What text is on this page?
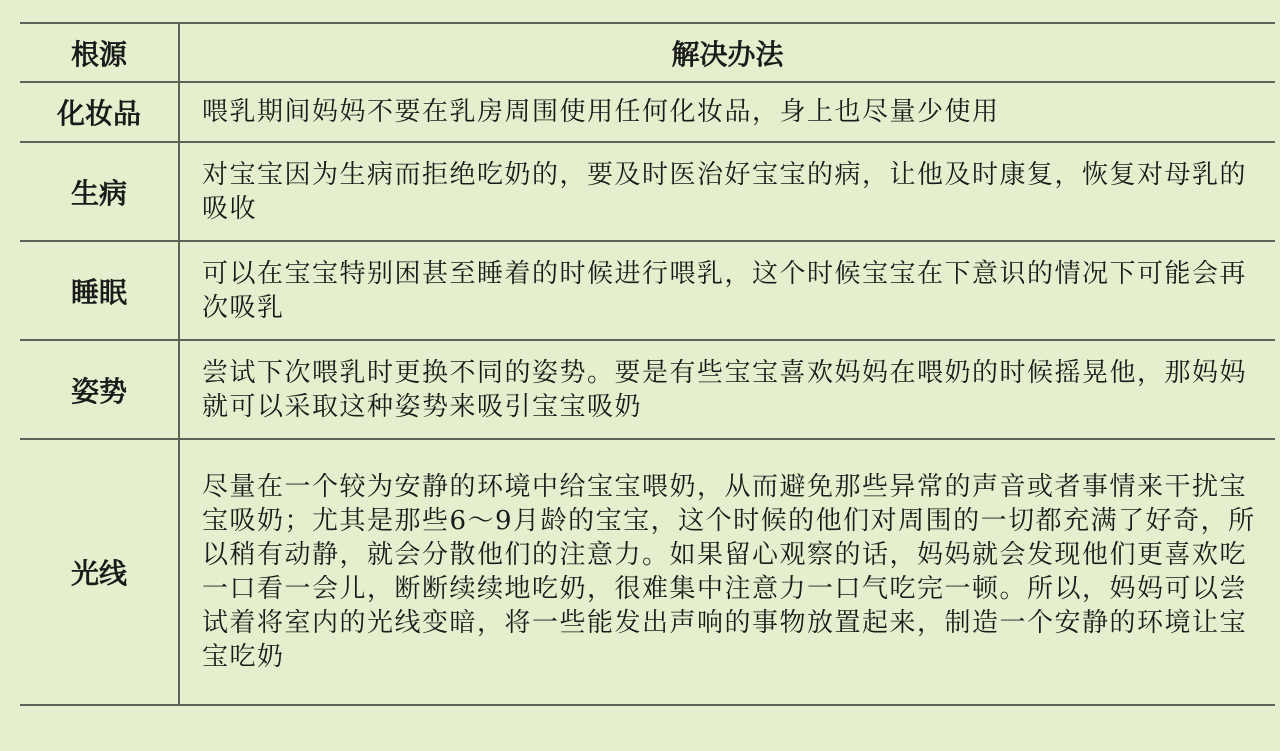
根源	解决办法
化妆品	喂乳期间妈妈不要在乳房周围使用任何化妆品，身上也尽量少使用
生病	对宝宝因为生病而拒绝吃奶的，要及时医治好宝宝的病，让他及时康复，恢复对母乳的吸收
睡眠	可以在宝宝特别困甚至睡着的时候进行喂乳，这个时候宝宝在下意识的情况下可能会再次吸乳
姿势	尝试下次喂乳时更换不同的姿势。要是有些宝宝喜欢妈妈在喂奶的时候摇晃他，那妈妈就可以采取这种姿势来吸引宝宝吸奶
光线	尽量在一个较为安静的环境中给宝宝喂奶，从而避免那些异常的声音或者事情来干扰宝宝吸奶；尤其是那些6～9月龄的宝宝，这个时候的他们对周围的一切都充满了好奇，所以稍有动静，就会分散他们的注意力。如果留心观察的话，妈妈就会发现他们更喜欢吃一口看一会儿，断断续续地吃奶，很难集中注意力一口气吃完一顿。所以，妈妈可以尝试着将室内的光线变暗，将一些能发出声响的事物放置起来，制造一个安静的环境让宝宝吃奶
